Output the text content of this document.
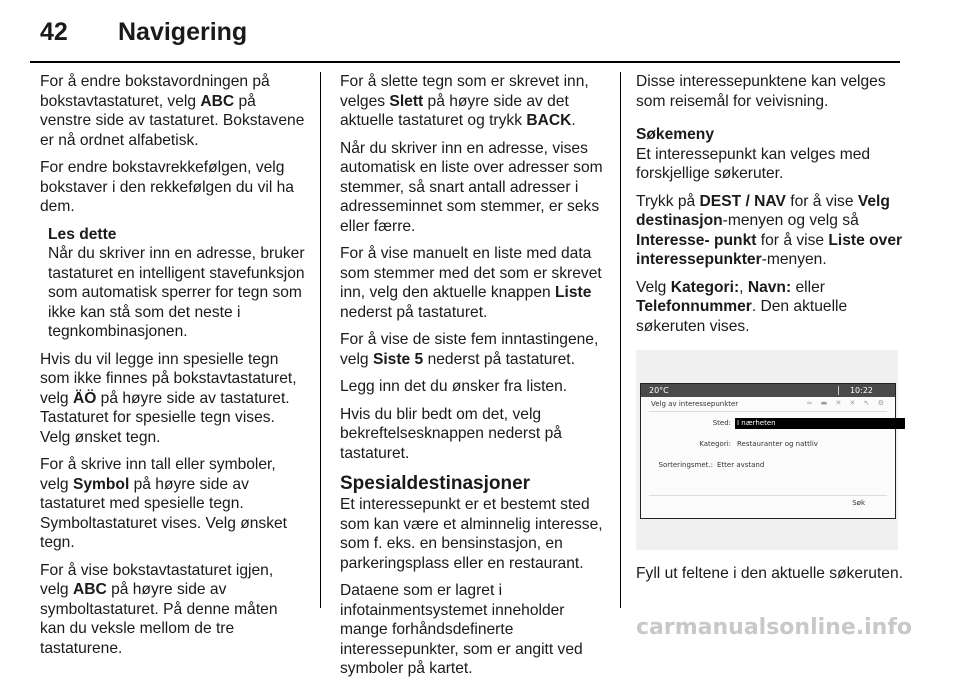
42 Navigering

For å endre bokstavordningen på bokstavtastaturet, velg ABC på venstre side av tastaturet. Bokstavene er nå ordnet alfabetisk.

For endre bokstavrekkefølgen, velg bokstaver i den rekkefølgen du vil ha dem.

Les dette
Når du skriver inn en adresse, bruker tastaturet en intelligent stavefunksjon som automatisk sperrer for tegn som ikke kan stå som det neste i tegnkombinasjonen.

Hvis du vil legge inn spesielle tegn som ikke finnes på bokstavtastaturet, velg ÄÖ på høyre side av tastaturet. Tastaturet for spesielle tegn vises. Velg ønsket tegn.

For å skrive inn tall eller symboler, velg Symbol på høyre side av tastaturet med spesielle tegn. Symboltastaturet vises. Velg ønsket tegn.

For å vise bokstavtastaturet igjen, velg ABC på høyre side av symboltastaturet. På denne måten kan du veksle mellom de tre tastaturene.

For å slette tegn som er skrevet inn, velges Slett på høyre side av det aktuelle tastaturet og trykk BACK.

Når du skriver inn en adresse, vises automatisk en liste over adresser som stemmer, så snart antall adresser i adresseminnet som stemmer, er seks eller færre.

For å vise manuelt en liste med data som stemmer med det som er skrevet inn, velg den aktuelle knappen Liste nederst på tastaturet.

For å vise de siste fem inntastingene, velg Siste 5 nederst på tastaturet.

Legg inn det du ønsker fra listen.

Hvis du blir bedt om det, velg bekreftelsesknappen nederst på tastaturet.

Spesialdestinasjoner

Et interessepunkt er et bestemt sted som kan være et alminnelig interesse, som f. eks. en bensinstasjon, en parkeringsplass eller en restaurant.

Dataene som er lagret i infotainmentsystemet inneholder mange forhåndsdefinerte interessepunkter, som er angitt ved symboler på kartet.

Disse interessepunktene kan velges som reisemål for veivisning.

Søkemeny

Et interessepunkt kan velges med forskjellige søkeruter.

Trykk på DEST / NAV for å vise Velg destinasjon-menyen og velg så Interesse- punkt for å vise Liste over interessepunkter-menyen.

Velg Kategori:, Navn: eller Telefonnummer. Den aktuelle søkeruten vises.

20°C	10:22
Velg av interessepunkter	≈ ▬ ✕ ✕ ↖ ⚙
Sted: I nærheten
Kategori: Restauranter og nattliv
Sorteringsmet.: Etter avstand
Søk

Fyll ut feltene i den aktuelle søkeruten.

carmanualsonline.info
